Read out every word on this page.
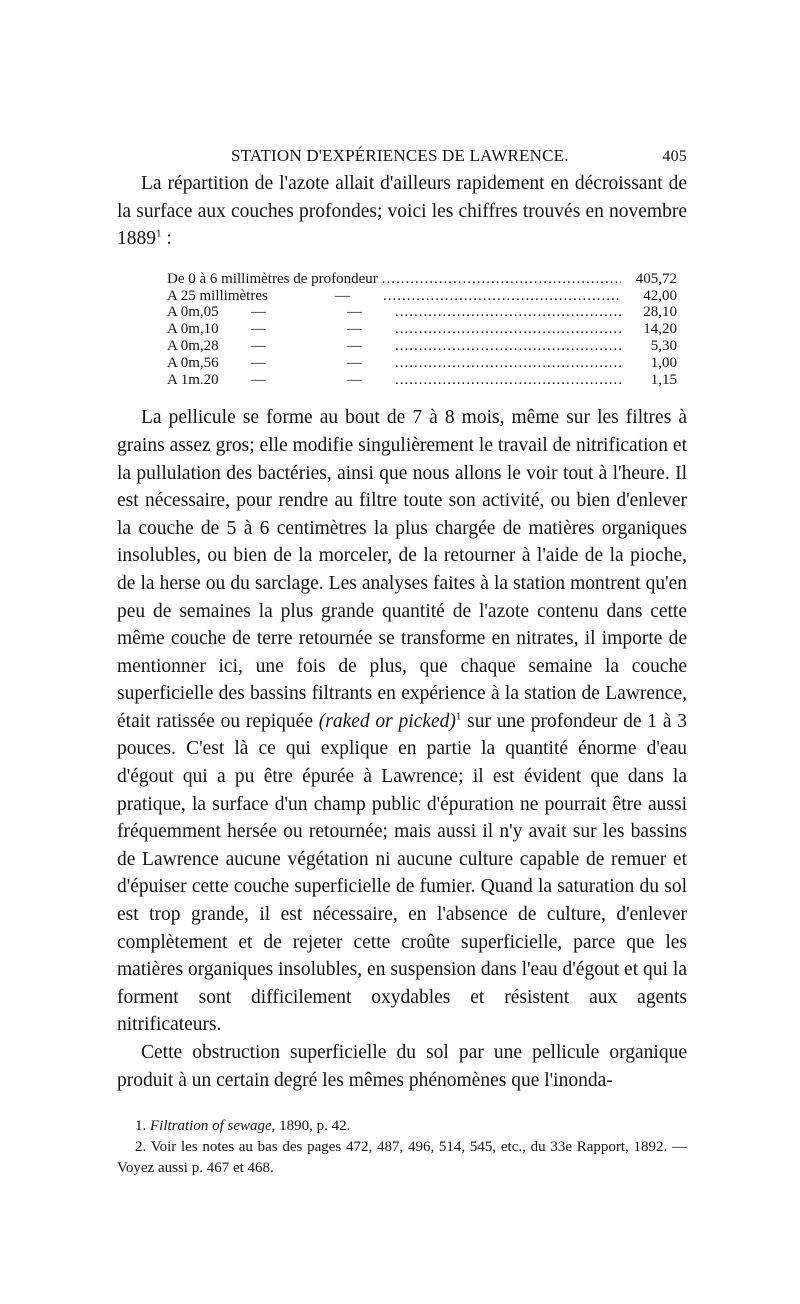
STATION D'EXPÉRIENCES DE LAWRENCE.	405

La répartition de l'azote allait d'ailleurs rapidement en décroissant de la surface aux couches profondes; voici les chiffres trouvés en novembre 1889$^1$ :

De 0 à 6 millimètres de profondeur .....	405,72
A 25 millimètres	— .....	42,00
A 0m,05	—	— .....	28,10
A 0m,10	—	— .....	14,20
A 0m,28	—	— .....	5,30
A 0m,56	—	— .....	1,00
A 1m.20	—	— .....	1,15

La pellicule se forme au bout de 7 à 8 mois, même sur les filtres à grains assez gros; elle modifie singulièrement le travail de nitrification et la pullulation des bactéries, ainsi que nous allons le voir tout à l'heure. Il est nécessaire, pour rendre au filtre toute son activité, ou bien d'enlever la couche de 5 à 6 centimètres la plus chargée de matières organiques insolubles, ou bien de la morceler, de la retourner à l'aide de la pioche, de la herse ou du sarclage. Les analyses faites à la station montrent qu'en peu de semaines la plus grande quantité de l'azote contenu dans cette même couche de terre retournée se transforme en nitrates, il importe de mentionner ici, une fois de plus, que chaque semaine la couche superficielle des bassins filtrants en expérience à la station de Lawrence, était ratissée ou repiquée (raked or picked)$^1$ sur une profondeur de 1 à 3 pouces. C'est là ce qui explique en partie la quantité énorme d'eau d'égout qui a pu être épurée à Lawrence; il est évident que dans la pratique, la surface d'un champ public d'épuration ne pourrait être aussi fréquemment hersée ou retournée; mais aussi il n'y avait sur les bassins de Lawrence aucune végétation ni aucune culture capable de remuer et d'épuiser cette couche superficielle de fumier. Quand la saturation du sol est trop grande, il est nécessaire, en l'absence de culture, d'enlever complètement et de rejeter cette croûte superficielle, parce que les matières organiques insolubles, en suspension dans l'eau d'égout et qui la forment sont difficilement oxydables et résistent aux agents nitrificateurs.

Cette obstruction superficielle du sol par une pellicule organique produit à un certain degré les mêmes phénomènes que l'inonda-

1. Filtration of sewage, 1890, p. 42.

2. Voir les notes au bas des pages 472, 487, 496, 514, 545, etc., du 33e Rapport, 1892. — Voyez aussi p. 467 et 468.
